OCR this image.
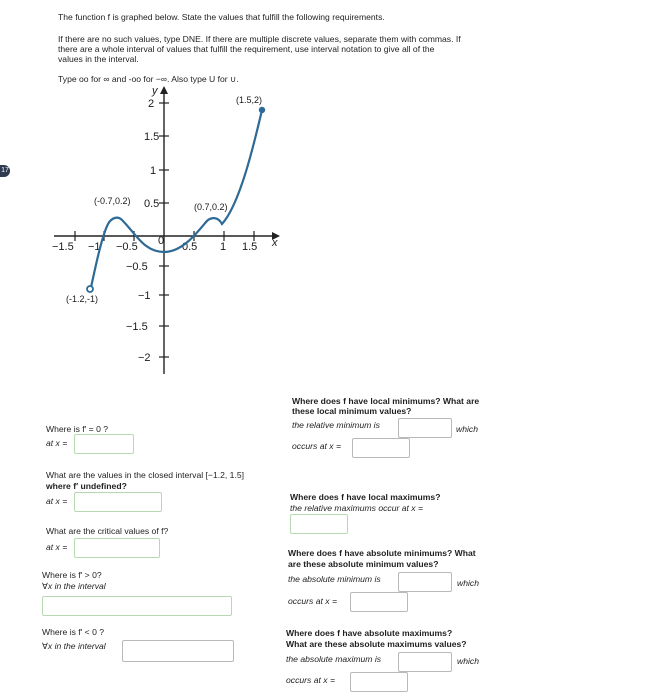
17
The function f is graphed below. State the values that fulfill the following requirements.
If there are no such values, type DNE. If there are multiple discrete values, separate them with commas. If
there are a whole interval of values that fulfill the requirement, use interval notation to give all of the
values in the interval.
Type oo for ∞ and -oo for −∞. Also type U for ∪.
y
x
−1.5 −1 −0.5 0 0.5 1 1.5
2
1.5
1
0.5
−0.5
−1
−1.5
−2
(1.5,2)
(-0.7,0.2)
(0.7,0.2)
(-1.2,-1)
Where is f′ = 0 ?
at x =
What are the values in the closed interval [−1.2, 1.5]
where f′ undefined?
at x =
What are the critical values of f?
at x =
Where is f′ > 0?
∀x in the interval
Where is f′ < 0 ?
∀x in the interval
Where does f have local minimums? What are
these local minimum values?
the relative minimum is	which
occurs at x =
Where does f have local maximums?
the relative maximums occur at x =
Where does f have absolute minimums? What
are these absolute minimum values?
the absolute minimum is	which
occurs at x =
Where does f have absolute maximums?
What are these absolute maximums values?
the absolute maximum is	which
occurs at x =
